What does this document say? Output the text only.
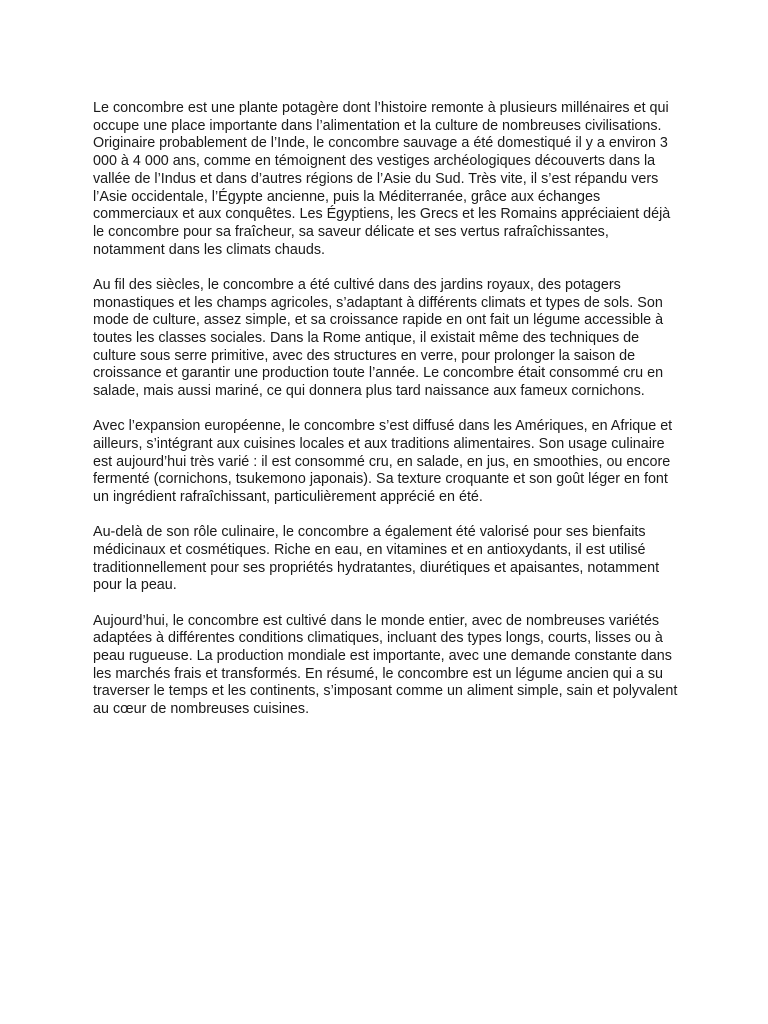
Le concombre est une plante potagère dont l’histoire remonte à plusieurs millénaires et qui
occupe une place importante dans l’alimentation et la culture de nombreuses civilisations.
Originaire probablement de l’Inde, le concombre sauvage a été domestiqué il y a environ 3
000 à 4 000 ans, comme en témoignent des vestiges archéologiques découverts dans la
vallée de l’Indus et dans d’autres régions de l’Asie du Sud. Très vite, il s’est répandu vers
l’Asie occidentale, l’Égypte ancienne, puis la Méditerranée, grâce aux échanges
commerciaux et aux conquêtes. Les Égyptiens, les Grecs et les Romains appréciaient déjà
le concombre pour sa fraîcheur, sa saveur délicate et ses vertus rafraîchissantes,
notamment dans les climats chauds.

Au fil des siècles, le concombre a été cultivé dans des jardins royaux, des potagers
monastiques et les champs agricoles, s’adaptant à différents climats et types de sols. Son
mode de culture, assez simple, et sa croissance rapide en ont fait un légume accessible à
toutes les classes sociales. Dans la Rome antique, il existait même des techniques de
culture sous serre primitive, avec des structures en verre, pour prolonger la saison de
croissance et garantir une production toute l’année. Le concombre était consommé cru en
salade, mais aussi mariné, ce qui donnera plus tard naissance aux fameux cornichons.

Avec l’expansion européenne, le concombre s’est diffusé dans les Amériques, en Afrique et
ailleurs, s’intégrant aux cuisines locales et aux traditions alimentaires. Son usage culinaire
est aujourd’hui très varié : il est consommé cru, en salade, en jus, en smoothies, ou encore
fermenté (cornichons, tsukemono japonais). Sa texture croquante et son goût léger en font
un ingrédient rafraîchissant, particulièrement apprécié en été.

Au-delà de son rôle culinaire, le concombre a également été valorisé pour ses bienfaits
médicinaux et cosmétiques. Riche en eau, en vitamines et en antioxydants, il est utilisé
traditionnellement pour ses propriétés hydratantes, diurétiques et apaisantes, notamment
pour la peau.

Aujourd’hui, le concombre est cultivé dans le monde entier, avec de nombreuses variétés
adaptées à différentes conditions climatiques, incluant des types longs, courts, lisses ou à
peau rugueuse. La production mondiale est importante, avec une demande constante dans
les marchés frais et transformés. En résumé, le concombre est un légume ancien qui a su
traverser le temps et les continents, s’imposant comme un aliment simple, sain et polyvalent
au cœur de nombreuses cuisines.
